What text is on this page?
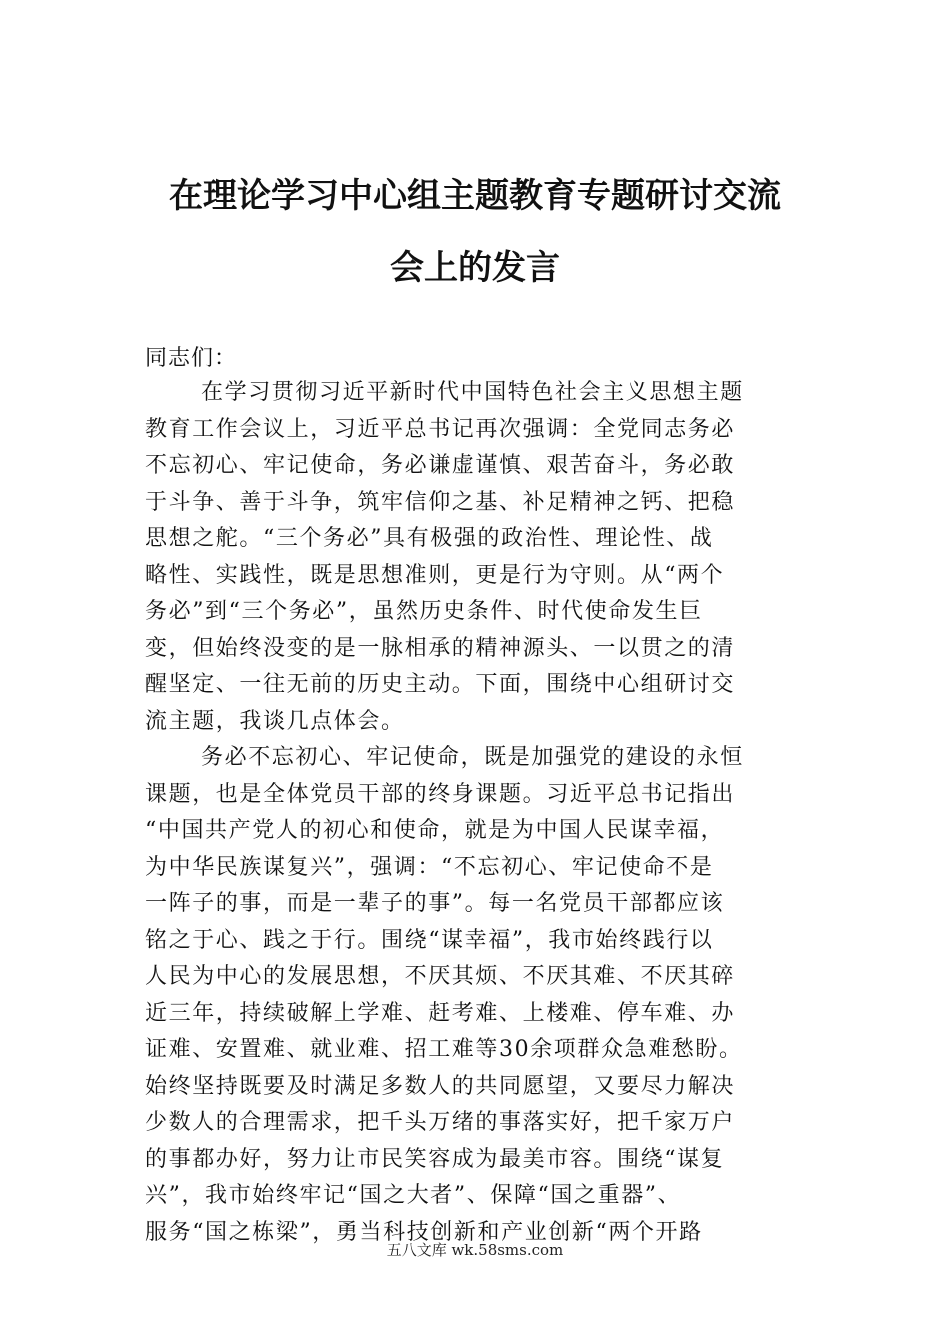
在理论学习中心组主题教育专题研讨交流
会上的发言
同志们：
在学习贯彻习近平新时代中国特色社会主义思想主题
教育工作会议上，习近平总书记再次强调：全党同志务必
不忘初心、牢记使命，务必谦虚谨慎、艰苦奋斗，务必敢
于斗争、善于斗争，筑牢信仰之基、补足精神之钙、把稳
思想之舵。“三个务必”具有极强的政治性、理论性、战
略性、实践性，既是思想准则，更是行为守则。从“两个
务必”到“三个务必”，虽然历史条件、时代使命发生巨
变，但始终没变的是一脉相承的精神源头、一以贯之的清
醒坚定、一往无前的历史主动。下面，围绕中心组研讨交
流主题，我谈几点体会。
务必不忘初心、牢记使命，既是加强党的建设的永恒
课题，也是全体党员干部的终身课题。习近平总书记指出
“中国共产党人的初心和使命，就是为中国人民谋幸福，
为中华民族谋复兴”，强调：“不忘初心、牢记使命不是
一阵子的事，而是一辈子的事”。每一名党员干部都应该
铭之于心、践之于行。围绕“谋幸福”，我市始终践行以
人民为中心的发展思想，不厌其烦、不厌其难、不厌其碎
近三年，持续破解上学难、赶考难、上楼难、停车难、办
证难、安置难、就业难、招工难等30余项群众急难愁盼。
始终坚持既要及时满足多数人的共同愿望，又要尽力解决
少数人的合理需求，把千头万绪的事落实好，把千家万户
的事都办好，努力让市民笑容成为最美市容。围绕“谋复
兴”，我市始终牢记“国之大者”、保障“国之重器”、
服务“国之栋梁”，勇当科技创新和产业创新“两个开路
五八文库 wk.58sms.com
